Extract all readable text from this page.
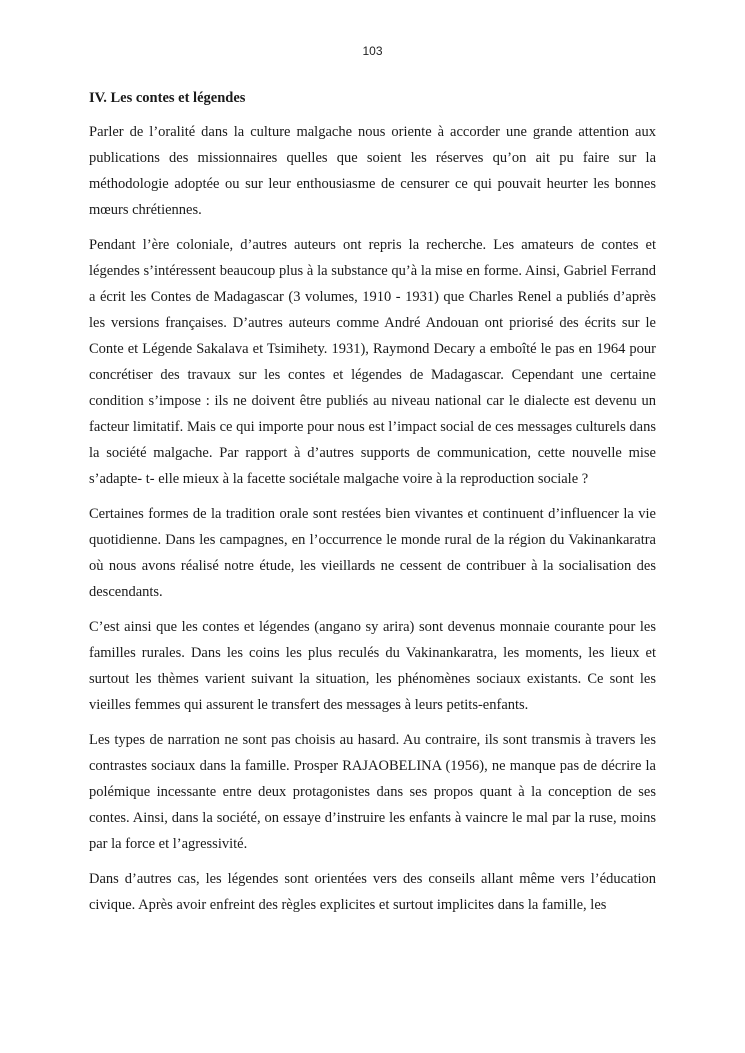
103
IV. Les contes et légendes

Parler de l’oralité dans la culture malgache nous oriente à accorder une grande attention aux publications des missionnaires quelles que soient les réserves qu’on ait pu faire sur la méthodologie adoptée ou sur leur enthousiasme de censurer ce qui pouvait heurter les bonnes mœurs chrétiennes.

Pendant l’ère coloniale, d’autres auteurs ont repris la recherche. Les amateurs de contes et légendes s’intéressent beaucoup plus à la substance qu’à la mise en forme. Ainsi, Gabriel Ferrand a écrit les Contes de Madagascar (3 volumes, 1910 - 1931) que Charles Renel a publiés d’après les versions françaises. D’autres auteurs comme André Andouan ont priorisé des écrits sur le Conte et Légende Sakalava et Tsimihety. 1931), Raymond Decary a emboîté le pas en 1964 pour concrétiser des travaux sur les contes et légendes de Madagascar. Cependant une certaine condition s’impose : ils ne doivent être publiés au niveau national car le dialecte est devenu un facteur limitatif. Mais ce qui importe pour nous est l’impact social de ces messages culturels dans la société malgache. Par rapport à d’autres supports de communication, cette nouvelle mise s’adapte- t- elle mieux à la facette sociétale malgache voire à la reproduction sociale ?

Certaines formes de la tradition orale sont restées bien vivantes et continuent d’influencer la vie quotidienne. Dans les campagnes, en l’occurrence le monde rural de la région du Vakinankaratra où nous avons réalisé notre étude, les vieillards ne cessent de contribuer à la socialisation des descendants.

C’est ainsi que les contes et légendes (angano sy arira) sont devenus monnaie courante pour les familles rurales. Dans les coins les plus reculés du Vakinankaratra, les moments, les lieux et surtout les thèmes varient suivant la situation, les phénomènes sociaux existants. Ce sont les vieilles femmes qui assurent le transfert des messages à leurs petits-enfants.

Les types de narration ne sont pas choisis au hasard. Au contraire, ils sont transmis à travers les contrastes sociaux dans la famille. Prosper RAJAOBELINA (1956), ne manque pas de décrire la polémique incessante entre deux protagonistes dans ses propos quant à la conception de ses contes. Ainsi, dans la société, on essaye d’instruire les enfants à vaincre le mal par la ruse, moins par la force et l’agressivité.

Dans d’autres cas, les légendes sont orientées vers des conseils allant même vers l’éducation civique. Après avoir enfreint des règles explicites et surtout implicites dans la famille, les
